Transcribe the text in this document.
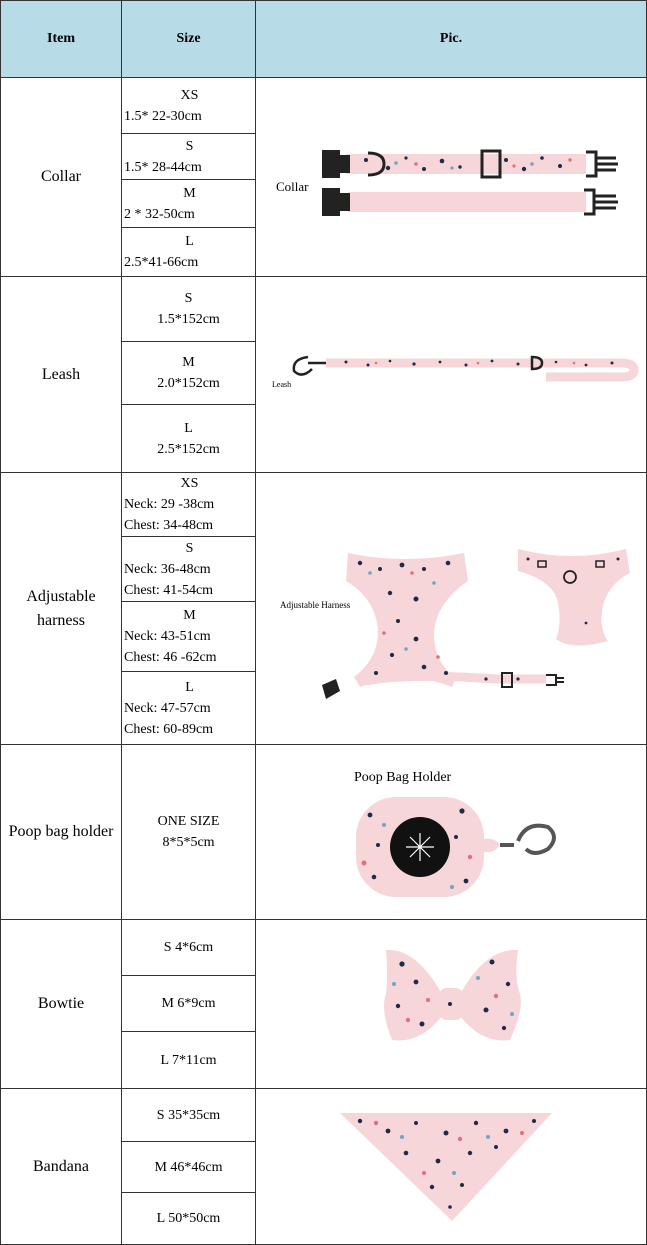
Item	Size	Pic.
Collar
XS
1.5* 22-30cm
S
1.5* 28-44cm
M
2 * 32-50cm
L
2.5*41-66cm
Collar
Leash
S
1.5*152cm
M
2.0*152cm
L
2.5*152cm
Leash
Adjustable harness
XS
Neck: 29 -38cm
Chest: 34-48cm
S
Neck: 36-48cm
Chest: 41-54cm
M
Neck: 43-51cm
Chest: 46 -62cm
L
Neck: 47-57cm
Chest: 60-89cm
Adjustable Harness
Poop bag holder
ONE SIZE
8*5*5cm
Poop Bag Holder
Bowtie
S 4*6cm
M 6*9cm
L 7*11cm
Bandana
S 35*35cm
M 46*46cm
L 50*50cm
